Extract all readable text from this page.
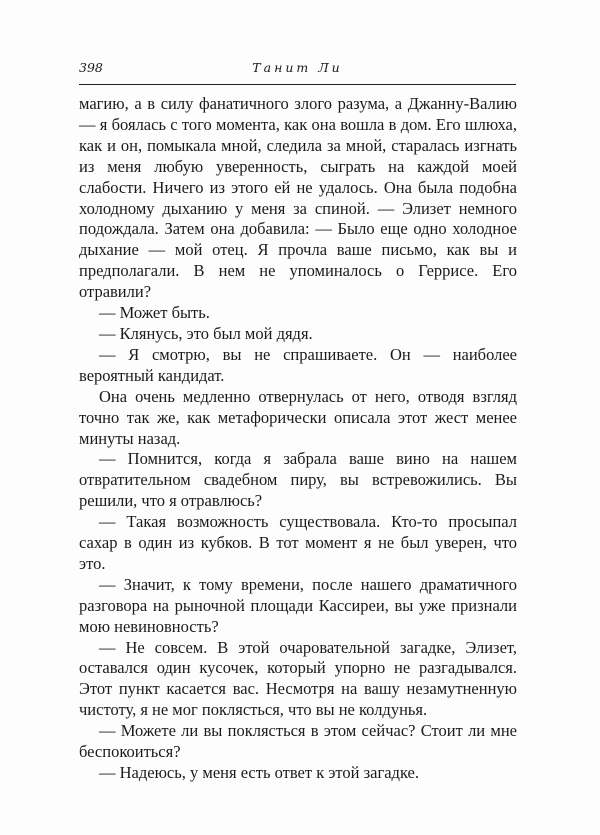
398	Танит Ли

магию, а в силу фанатичного злого разума, а Джанну-Валию — я боялась с того момента, как она вошла в дом. Его шлюха, как и он, помыкала мной, следила за мной, старалась изгнать из меня любую уверенность, сыграть на каждой моей слабости. Ничего из этого ей не удалось. Она была подобна холодному дыханию у меня за спиной. — Элизет немного подождала. Затем она добавила: — Было еще одно холодное дыхание — мой отец. Я прочла ваше письмо, как вы и предполагали. В нем не упоминалось о Геррисе. Его отравили?

— Может быть.

— Клянусь, это был мой дядя.

— Я смотрю, вы не спрашиваете. Он — наиболее вероятный кандидат.

Она очень медленно отвернулась от него, отводя взгляд точно так же, как метафорически описала этот жест менее минуты назад.

— Помнится, когда я забрала ваше вино на нашем отвратительном свадебном пиру, вы встревожились. Вы решили, что я отравлюсь?

— Такая возможность существовала. Кто-то просыпал сахар в один из кубков. В тот момент я не был уверен, что это.

— Значит, к тому времени, после нашего драматичного разговора на рыночной площади Кассиреи, вы уже признали мою невиновность?

— Не совсем. В этой очаровательной загадке, Элизет, оставался один кусочек, который упорно не разгадывался. Этот пункт касается вас. Несмотря на вашу незамутненную чистоту, я не мог поклясться, что вы не колдунья.

— Можете ли вы поклясться в этом сейчас? Стоит ли мне беспокоиться?

— Надеюсь, у меня есть ответ к этой загадке.
